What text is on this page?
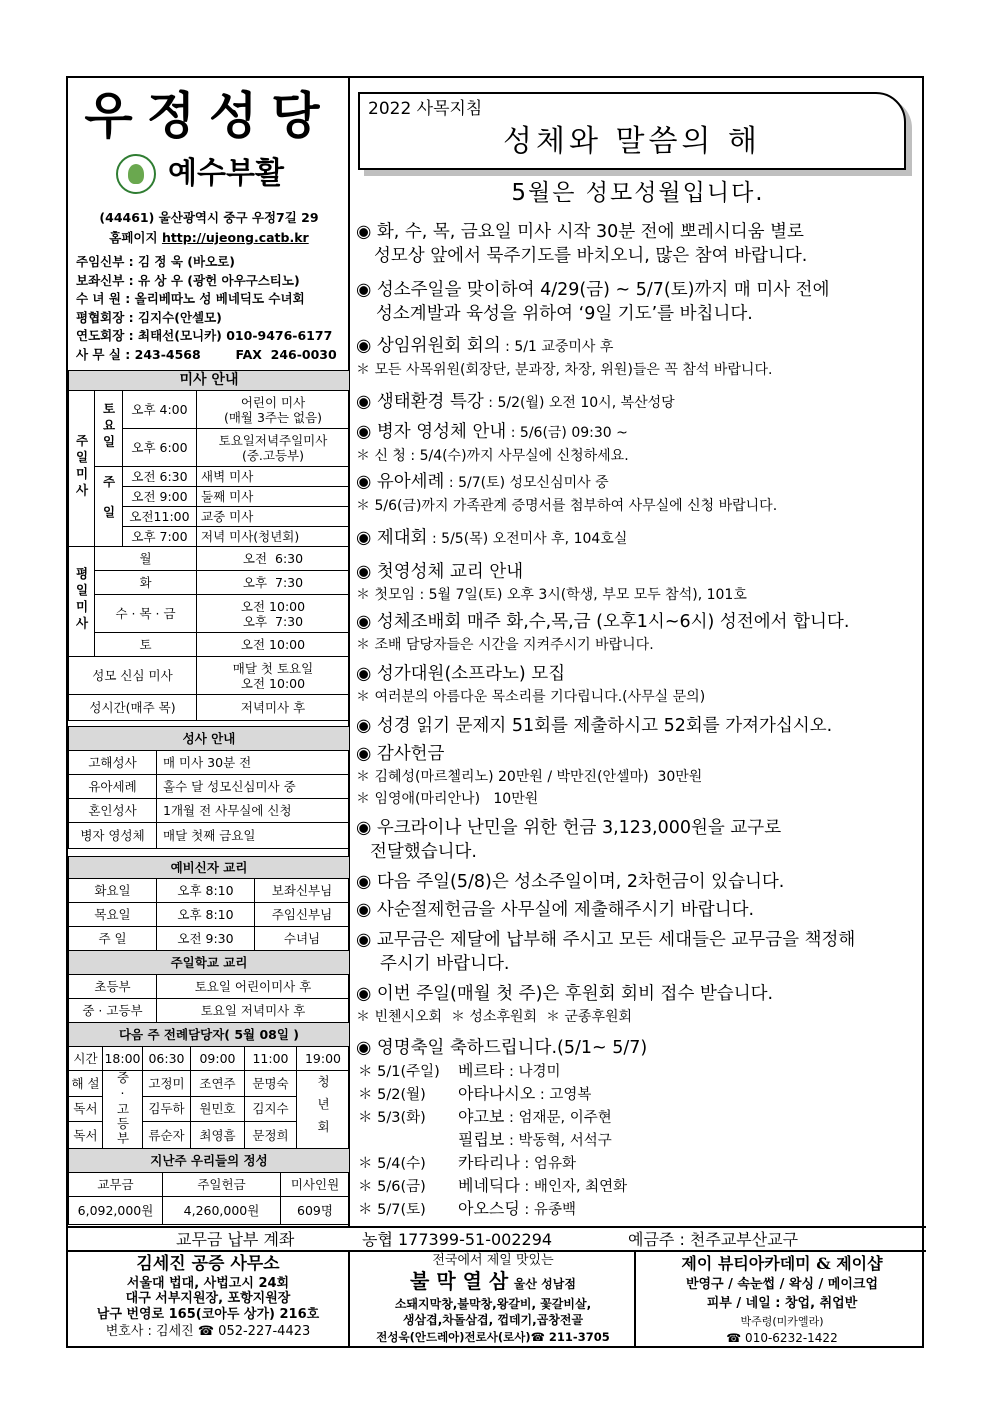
우정성당
예수부활
(44461) 울산광역시 중구 우정7길 29
홈페이지 http://ujeong.catb.kr
주임신부 : 김 정 욱 (바오로)
보좌신부 : 유 상 우 (광헌 아우구스티노)
수 녀 원 : 올리베따노 성 베네딕도 수녀회
평협회장 : 김지수(안셀모)
연도회장 : 최태선(모니카) 010-9476-6177
사 무 실 : 243-4568        FAX  246-0030
미사 안내			
주일미사	토요일	오후 4:00	어린이 미사
(매월 3주는 없음)
		오후 6:00	토요일저녁주일미사
(중.고등부)
	주일	오전 6:30	새벽 미사
		오전 9:00	둘째 미사
		오전11:00	교중 미사
		오후 7:00	저녁 미사(청년회)
평일미사	월		오전  6:30
	화		오후  7:30
	수 · 목 · 금		오전 10:00
오후  7:30
	토		오전 10:00
성모 신심 미사			매달 첫 토요일
오전 10:00
성시간(매주 목)			저녁미사 후
성사 안내	
고해성사	매 미사 30분 전
유아세례	홀수 달 성모신심미사 중
혼인성사	1개월 전 사무실에 신청
병자 영성체	매달 첫째 금요일
예비신자 교리		
화요일	오후 8:10	보좌신부님
목요일	오후 8:10	주임신부님
주 일	오전 9:30	수녀님
주일학교 교리	
초등부	토요일 어린이미사 후
중 · 고등부	토요일 저녁미사 후
다음 주 전례담당자( 5월 08일 )					
시간	18:00	06:30	09:00	11:00	19:00
해 설	중·고등부	고정미	조연주	문명숙	청년회
독서		김두하	원민호	김지수	
독서		류순자	최영흠	문정희	
지난주 우리들의 정성		
교무금	주일헌금	미사인원
6,092,000원	4,260,000원	609명
2022 사목지침
성체와 말씀의 해
5월은 성모성월입니다.
◉ 화, 수, 목, 금요일 미사 시작 30분 전에 뽀레시디움 별로
성모상 앞에서 묵주기도를 바치오니, 많은 참여 바랍니다.
◉ 성소주일을 맞이하여 4/29(금) ~ 5/7(토)까지 매 미사 전에
성소계발과 육성을 위하여 ‘9일 기도’를 바칩니다.
◉ 상임위원회 회의 : 5/1 교중미사 후
＊ 모든 사목위원(회장단, 분과장, 차장, 위원)들은 꼭 참석 바랍니다.
◉ 생태환경 특강 : 5/2(월) 오전 10시, 복산성당
◉ 병자 영성체 안내 : 5/6(금) 09:30 ~
＊ 신 청 : 5/4(수)까지 사무실에 신청하세요.
◉ 유아세례 : 5/7(토) 성모신심미사 중
＊ 5/6(금)까지 가족관계 증명서를 첨부하여 사무실에 신청 바랍니다.
◉ 제대회 : 5/5(목) 오전미사 후, 104호실
◉ 첫영성체 교리 안내
＊ 첫모임 : 5월 7일(토) 오후 3시(학생, 부모 모두 참석), 101호
◉ 성체조배회 매주 화,수,목,금 (오후1시~6시) 성전에서 합니다.
＊ 조배 담당자들은 시간을 지켜주시기 바랍니다.
◉ 성가대원(소프라노) 모집
＊ 여러분의 아름다운 목소리를 기다립니다.(사무실 문의)
◉ 성경 읽기 문제지 51회를 제출하시고 52회를 가져가십시오.
◉ 감사헌금
＊ 김혜성(마르첼리노) 20만원 / 박만진(안셀마)  30만원
＊ 임영애(마리안나)   10만원
◉ 우크라이나 난민을 위한 헌금 3,123,000원을 교구로
전달했습니다.
◉ 다음 주일(5/8)은 성소주일이며, 2차헌금이 있습니다.
◉ 사순절제헌금을 사무실에 제출해주시기 바랍니다.
◉ 교무금은 제달에 납부해 주시고 모든 세대들은 교무금을 책정해
주시기 바랍니다.
◉ 이번 주일(매월 첫 주)은 후원회 회비 접수 받습니다.
＊ 빈첸시오회  ＊ 성소후원회  ＊ 군종후원회
◉ 영명축일 축하드립니다.(5/1~ 5/7)
＊ 5/1(주일) 베르타 : 나경미
＊ 5/2(월) 아타나시오 : 고영복
＊ 5/3(화) 야고보 : 엄재문, 이주현
필립보 : 박동혁, 서석구
＊ 5/4(수) 카타리나 : 엄유화
＊ 5/6(금) 베네딕다 : 배인자, 최연화
＊ 5/7(토) 아오스딩 : 유종백
교무금 납부 계좌	농협 177399-51-002294	예금주 : 천주교부산교구
김세진 공증 사무소
서울대 법대, 사법고시 24회
대구 서부지원장, 포항지원장
남구 번영로 165(코아두 상가) 216호
변호사 : 김세진 ☎ 052-227-4423
전국에서 제일 맛있는
불 막 열 삼 울산 성남점
소돼지막창,불막창,왕갈비, 꽃갈비살,
생삼겹,차돌삼겹, 껍데기,곱창전골
전성욱(안드레아)전로사(로사)☎ 211-3705
제이 뷰티아카데미 & 제이샵
반영구 / 속눈썹 / 왁싱 / 메이크업
피부 / 네일 : 창업, 취업반
박주령(미카엘라)
☎ 010-6232-1422
